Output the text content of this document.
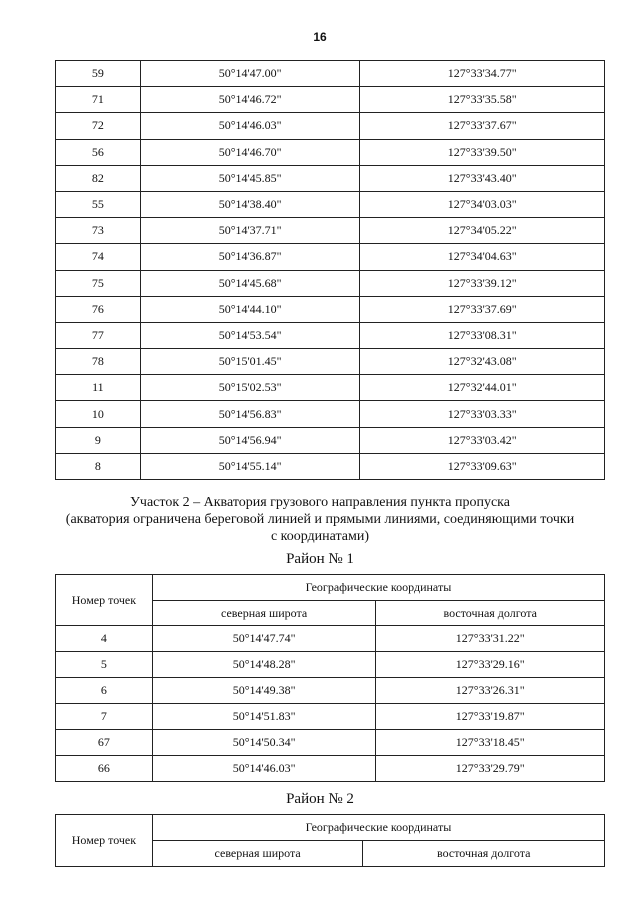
16
59	50°14'47.00"	127°33'34.77"
71	50°14'46.72"	127°33'35.58"
72	50°14'46.03"	127°33'37.67"
56	50°14'46.70"	127°33'39.50"
82	50°14'45.85"	127°33'43.40"
55	50°14'38.40"	127°34'03.03"
73	50°14'37.71"	127°34'05.22"
74	50°14'36.87"	127°34'04.63"
75	50°14'45.68"	127°33'39.12"
76	50°14'44.10"	127°33'37.69"
77	50°14'53.54"	127°33'08.31"
78	50°15'01.45"	127°32'43.08"
11	50°15'02.53"	127°32'44.01"
10	50°14'56.83"	127°33'03.33"
9	50°14'56.94"	127°33'03.42"
8	50°14'55.14"	127°33'09.63"
Участок 2 – Акватория грузового направления пункта пропуска
(акватория ограничена береговой линией и прямыми линиями, соединяющими точки
с координатами)
Район № 1
Номер точек	Географические координаты	
	северная широта	восточная долгота
4	50°14'47.74"	127°33'31.22"
5	50°14'48.28"	127°33'29.16"
6	50°14'49.38"	127°33'26.31"
7	50°14'51.83"	127°33'19.87"
67	50°14'50.34"	127°33'18.45"
66	50°14'46.03"	127°33'29.79"
Район № 2
Номер точек	Географические координаты	
	северная широта	восточная долгота
